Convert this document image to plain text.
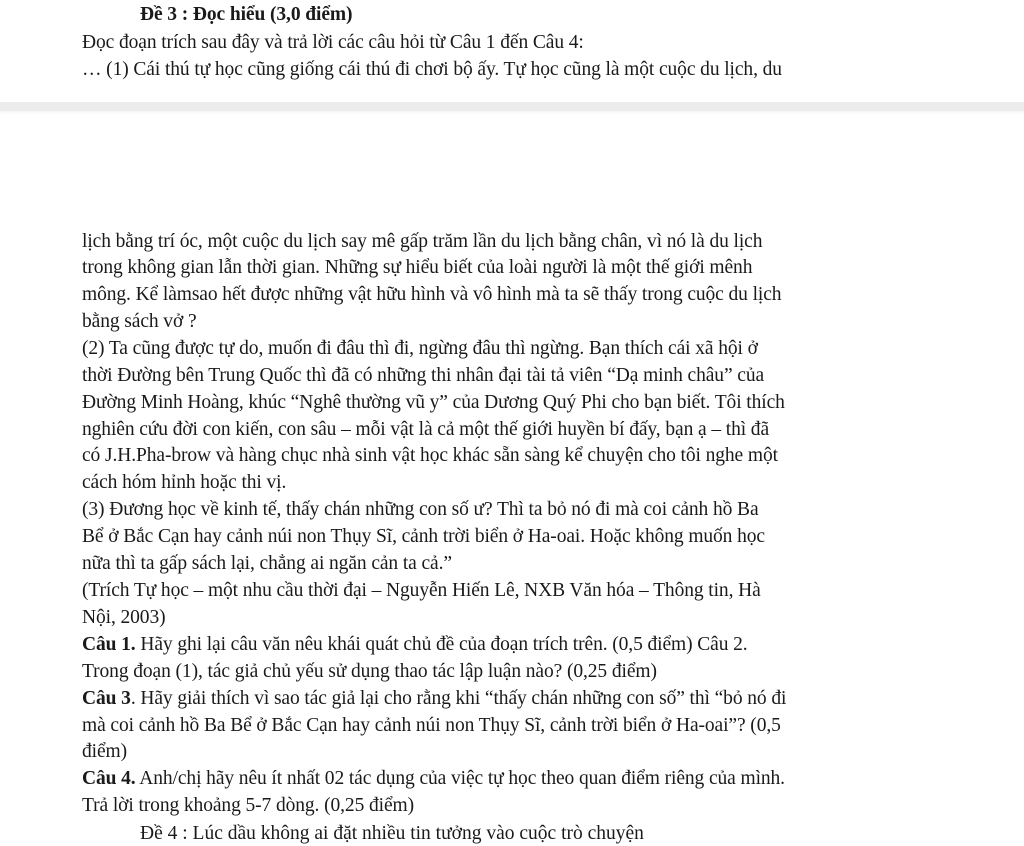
Đề 3 : Đọc hiểu (3,0 điểm)
Đọc đoạn trích sau đây và trả lời các câu hỏi từ Câu 1 đến Câu 4:
… (1) Cái thú tự học cũng giống cái thú đi chơi bộ ấy. Tự học cũng là một cuộc du lịch, du
lịch bằng trí óc, một cuộc du lịch say mê gấp trăm lần du lịch bằng chân, vì nó là du lịch
trong không gian lẫn thời gian. Những sự hiểu biết của loài người là một thế giới mênh
mông. Kể làmsao hết được những vật hữu hình và vô hình mà ta sẽ thấy trong cuộc du lịch
bằng sách vở ?
(2) Ta cũng được tự do, muốn đi đâu thì đi, ngừng đâu thì ngừng. Bạn thích cái xã hội ở
thời Đường bên Trung Quốc thì đã có những thi nhân đại tài tả viên “Dạ minh châu” của
Đường Minh Hoàng, khúc “Nghê thường vũ y” của Dương Quý Phi cho bạn biết. Tôi thích
nghiên cứu đời con kiến, con sâu – mỗi vật là cả một thế giới huyền bí đấy, bạn ạ – thì đã
có J.H.Pha-brow và hàng chục nhà sinh vật học khác sẵn sàng kể chuyện cho tôi nghe một
cách hóm hỉnh hoặc thi vị.
(3) Đương học về kinh tế, thấy chán những con số ư? Thì ta bỏ nó đi mà coi cảnh hồ Ba
Bể ở Bắc Cạn hay cảnh núi non Thụy Sĩ, cảnh trời biển ở Ha-oai. Hoặc không muốn học
nữa thì ta gấp sách lại, chẳng ai ngăn cản ta cả.”
(Trích Tự học – một nhu cầu thời đại – Nguyễn Hiến Lê, NXB Văn hóa – Thông tin, Hà
Nội, 2003)
Câu 1. Hãy ghi lại câu văn nêu khái quát chủ đề của đoạn trích trên. (0,5 điểm) Câu 2.
Trong đoạn (1), tác giả chủ yếu sử dụng thao tác lập luận nào? (0,25 điểm)
Câu 3. Hãy giải thích vì sao tác giả lại cho rằng khi “thấy chán những con số” thì “bỏ nó đi
mà coi cảnh hồ Ba Bể ở Bắc Cạn hay cảnh núi non Thụy Sĩ, cảnh trời biển ở Ha-oai”? (0,5
điểm)
Câu 4. Anh/chị hãy nêu ít nhất 02 tác dụng của việc tự học theo quan điểm riêng của mình.
Trả lời trong khoảng 5-7 dòng. (0,25 điểm)
Đề 4 : Lúc dầu không ai đặt nhiều tin tưởng vào cuộc trò chuyện
